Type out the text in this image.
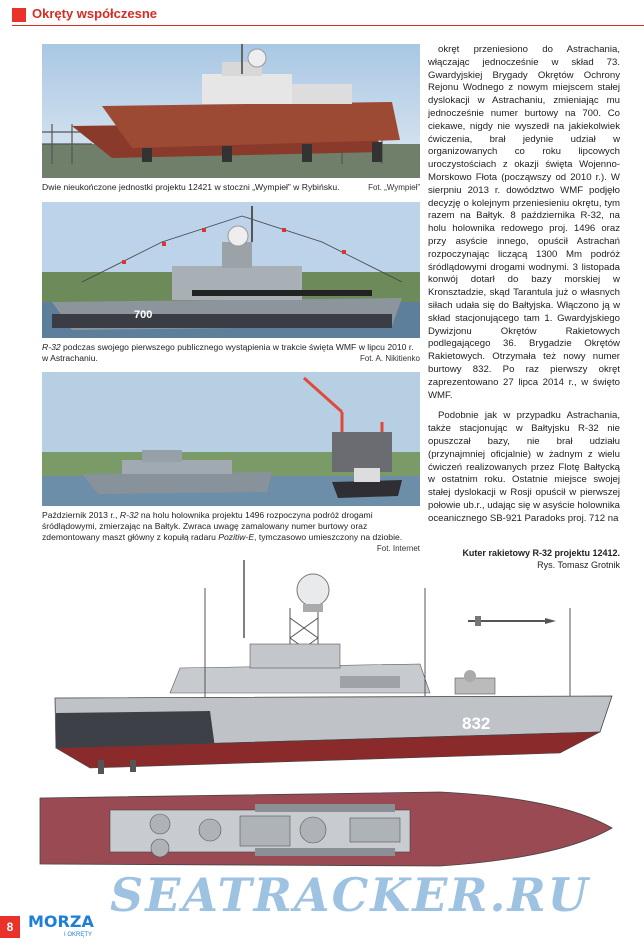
Okręty współczesne
Dwie nieukończone jednostki projektu 12421 w stoczni „Wympieł” w Rybińsku.	Fot. „Wympieł”
700
R-32 podczas swojego pierwszego publicznego wystąpienia w trakcie święta WMF w lipcu 2010 r. w Astrachaniu.	Fot. A. Nikitienko
Październik 2013 r., R-32 na holu holownika projektu 1496 rozpoczyna podróż drogami śródlądowymi, zmierzając na Bałtyk. Zwraca uwagę zamalowany numer burtowy oraz zdemontowany maszt główny z kopułą radaru Pozitiw-E, tymczasowo umieszczony na dziobie.
Fot. Internet

okręt przeniesiono do Astrachania, włączając jednocześnie w skład 73. Gwardyjskiej Brygady Okrętów Ochrony Rejonu Wodnego z nowym miejscem stałej dyslokacji w Astrachaniu, zmieniając mu jednocześnie numer burtowy na 700. Co ciekawe, nigdy nie wyszedł na jakiekolwiek ćwiczenia, brał jedynie udział w organizowanych co roku lipcowych uroczystościach z okazji święta Wojenno-Morskowo Fłota (począwszy od 2010 r.). W sierpniu 2013 r. dowództwo WMF podjęło decyzję o kolejnym przeniesieniu okrętu, tym razem na Bałtyk. 8 października R-32, na holu holownika redowego proj. 1496 oraz przy asyście innego, opuścił Astrachań rozpoczynając liczącą 1300 Mm podróż śródlądowymi drogami wodnymi. 3 listopada konwój dotarł do bazy morskiej w Kronsztadzie, skąd Tarantula już o własnych siłach udała się do Bałtyjska. Włączono ją w skład stacjonującego tam 1. Gwardyjskiego Dywizjonu Okrętów Rakietowych podlegającego 36. Brygadzie Okrętów Rakietowych. Otrzymała też nowy numer burtowy 832. Po raz pierwszy okręt zaprezentowano 27 lipca 2014 r., w święto WMF.

Podobnie jak w przypadku Astrachania, także stacjonując w Bałtyjsku R-32 nie opuszczał bazy, nie brał udziału (przynajmniej oficjalnie) w żadnym z wielu ćwiczeń realizowanych przez Flotę Bałtycką w ostatnim roku. Ostatnie miejsce swojej stałej dyslokacji w Rosji opuścił w pierwszej połowie ub.r., udając się w asyście holownika oceanicznego SB-921 Paradoks proj. 712 na

Kuter rakietowy R-32 projektu 12412.
Rys. Tomasz Grotnik
832
SEATRACKER.RU
8 MORZA
I OKRĘTY
